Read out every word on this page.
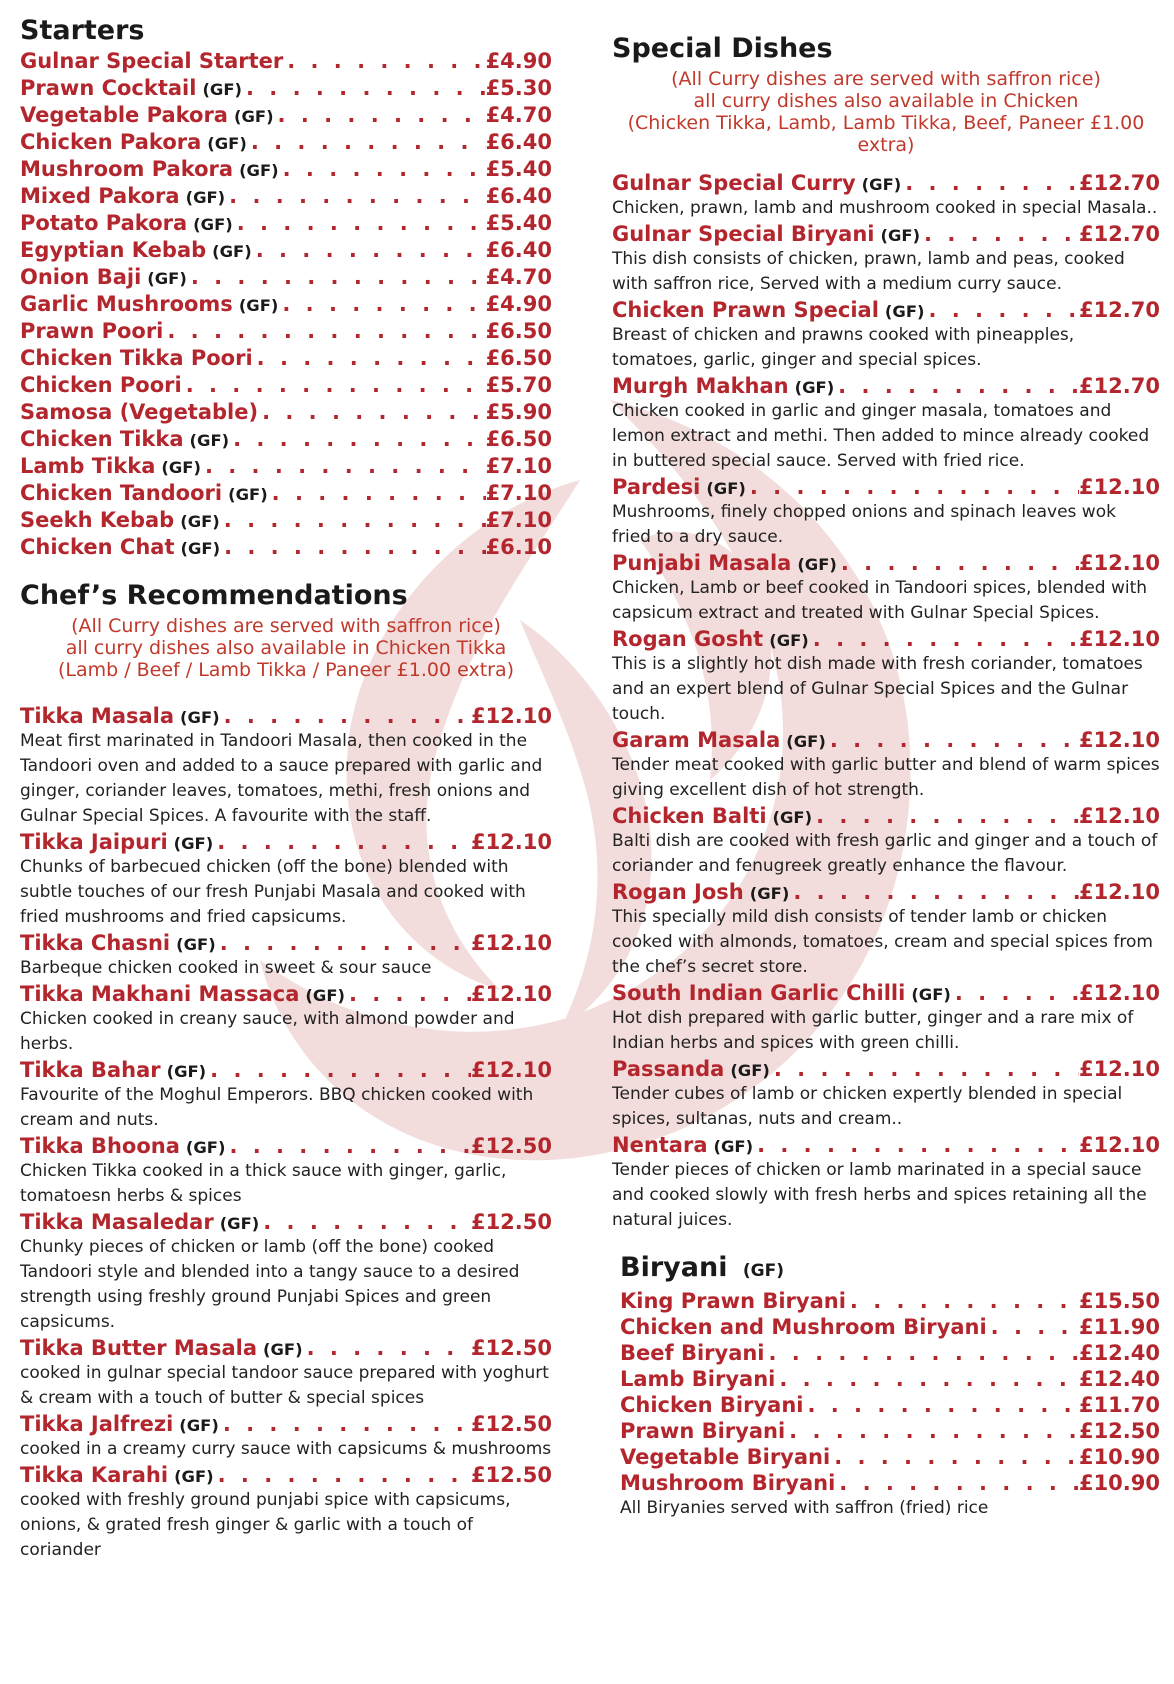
Starters
Gulnar Special Starter . . .	£4.90
Prawn Cocktail (GF) . . .	£5.30
Vegetable Pakora (GF) . . .	£4.70
Chicken Pakora (GF) . . .	£6.40
Mushroom Pakora (GF) . . .	£5.40
Mixed Pakora (GF) . . .	£6.40
Potato Pakora (GF) . . .	£5.40
Egyptian Kebab (GF) . . .	£6.40
Onion Baji (GF) . . .	£4.70
Garlic Mushrooms (GF) . . .	£4.90
Prawn Poori . . .	£6.50
Chicken Tikka Poori . . .	£6.50
Chicken Poori . . .	£5.70
Samosa (Vegetable) . . .	£5.90
Chicken Tikka (GF) . . .	£6.50
Lamb Tikka (GF) . . .	£7.10
Chicken Tandoori (GF) . . .	£7.10
Seekh Kebab (GF) . . .	£7.10
Chicken Chat (GF) . . .	£6.10
Chef’s Recommendations
(All Curry dishes are served with saffron rice)
all curry dishes also available in Chicken Tikka
(Lamb / Beef / Lamb Tikka / Paneer £1.00 extra)
Tikka Masala (GF) . . .	£12.10
Meat first marinated in Tandoori Masala, then cooked in the Tandoori oven and added to a sauce prepared with garlic and ginger, coriander leaves, tomatoes, methi, fresh onions and Gulnar Special Spices. A favourite with the staff.
Tikka Jaipuri (GF) . . .	£12.10
Chunks of barbecued chicken (off the bone) blended with subtle touches of our fresh Punjabi Masala and cooked with fried mushrooms and fried capsicums.
Tikka Chasni (GF) . . .	£12.10
Barbeque chicken cooked in sweet & sour sauce
Tikka Makhani Massaca (GF) . . .	£12.10
Chicken cooked in creany sauce, with almond powder and herbs.
Tikka Bahar (GF) . . .	£12.10
Favourite of the Moghul Emperors. BBQ chicken cooked with cream and nuts.
Tikka Bhoona (GF) . . .	£12.50
Chicken Tikka cooked in a thick sauce with ginger, garlic, tomatoesn herbs & spices
Tikka Masaledar (GF) . . .	£12.50
Chunky pieces of chicken or lamb (off the bone) cooked Tandoori style and blended into a tangy sauce to a desired strength using freshly ground Punjabi Spices and green capsicums.
Tikka Butter Masala (GF) . . .	£12.50
cooked in gulnar special tandoor sauce prepared with yoghurt & cream with a touch of butter & special spices
Tikka Jalfrezi (GF) . . .	£12.50
cooked in a creamy curry sauce with capsicums & mushrooms
Tikka Karahi (GF) . . .	£12.50
cooked with freshly ground punjabi spice with capsicums, onions, & grated fresh ginger & garlic with a touch of coriander
Special Dishes
(All Curry dishes are served with saffron rice)
all curry dishes also available in Chicken
(Chicken Tikka, Lamb, Lamb Tikka, Beef, Paneer £1.00 extra)
Gulnar Special Curry (GF) . . .	£12.70
Chicken, prawn, lamb and mushroom cooked in special Masala..
Gulnar Special Biryani (GF) . . .	£12.70
This dish consists of chicken, prawn, lamb and peas, cooked with saffron rice, Served with a medium curry sauce.
Chicken Prawn Special (GF) . . .	£12.70
Breast of chicken and prawns cooked with pineapples, tomatoes, garlic, ginger and special spices.
Murgh Makhan (GF) . . .	£12.70
Chicken cooked in garlic and ginger masala, tomatoes and lemon extract and methi. Then added to mince already cooked in buttered special sauce. Served with fried rice.
Pardesi (GF) . . .	£12.10
Mushrooms, finely chopped onions and spinach leaves wok fried to a dry sauce.
Punjabi Masala (GF) . . .	£12.10
Chicken, Lamb or beef cooked in Tandoori spices, blended with capsicum extract and treated with Gulnar Special Spices.
Rogan Gosht (GF) . . .	£12.10
This is a slightly hot dish made with fresh coriander, tomatoes and an expert blend of Gulnar Special Spices and the Gulnar touch.
Garam Masala (GF) . . .	£12.10
Tender meat cooked with garlic butter and blend of warm spices giving excellent dish of hot strength.
Chicken Balti (GF) . . .	£12.10
Balti dish are cooked with fresh garlic and ginger and a touch of coriander and fenugreek greatly enhance the flavour.
Rogan Josh (GF) . . .	£12.10
This specially mild dish consists of tender lamb or chicken cooked with almonds, tomatoes, cream and special spices from the chef’s secret store.
South Indian Garlic Chilli (GF) . . .	£12.10
Hot dish prepared with garlic butter, ginger and a rare mix of Indian herbs and spices with green chilli.
Passanda (GF) . . .	£12.10
Tender cubes of lamb or chicken expertly blended in special spices, sultanas, nuts and cream..
Nentara (GF) . . .	£12.10
Tender pieces of chicken or lamb marinated in a special sauce and cooked slowly with fresh herbs and spices retaining all the natural juices.
Biryani (GF)
King Prawn Biryani . . .	£15.50
Chicken and Mushroom Biryani . . .	£11.90
Beef Biryani . . .	£12.40
Lamb Biryani . . .	£12.40
Chicken Biryani . . .	£11.70
Prawn Biryani . . .	£12.50
Vegetable Biryani . . .	£10.90
Mushroom Biryani . . .	£10.90
All Biryanies served with saffron (fried) rice
